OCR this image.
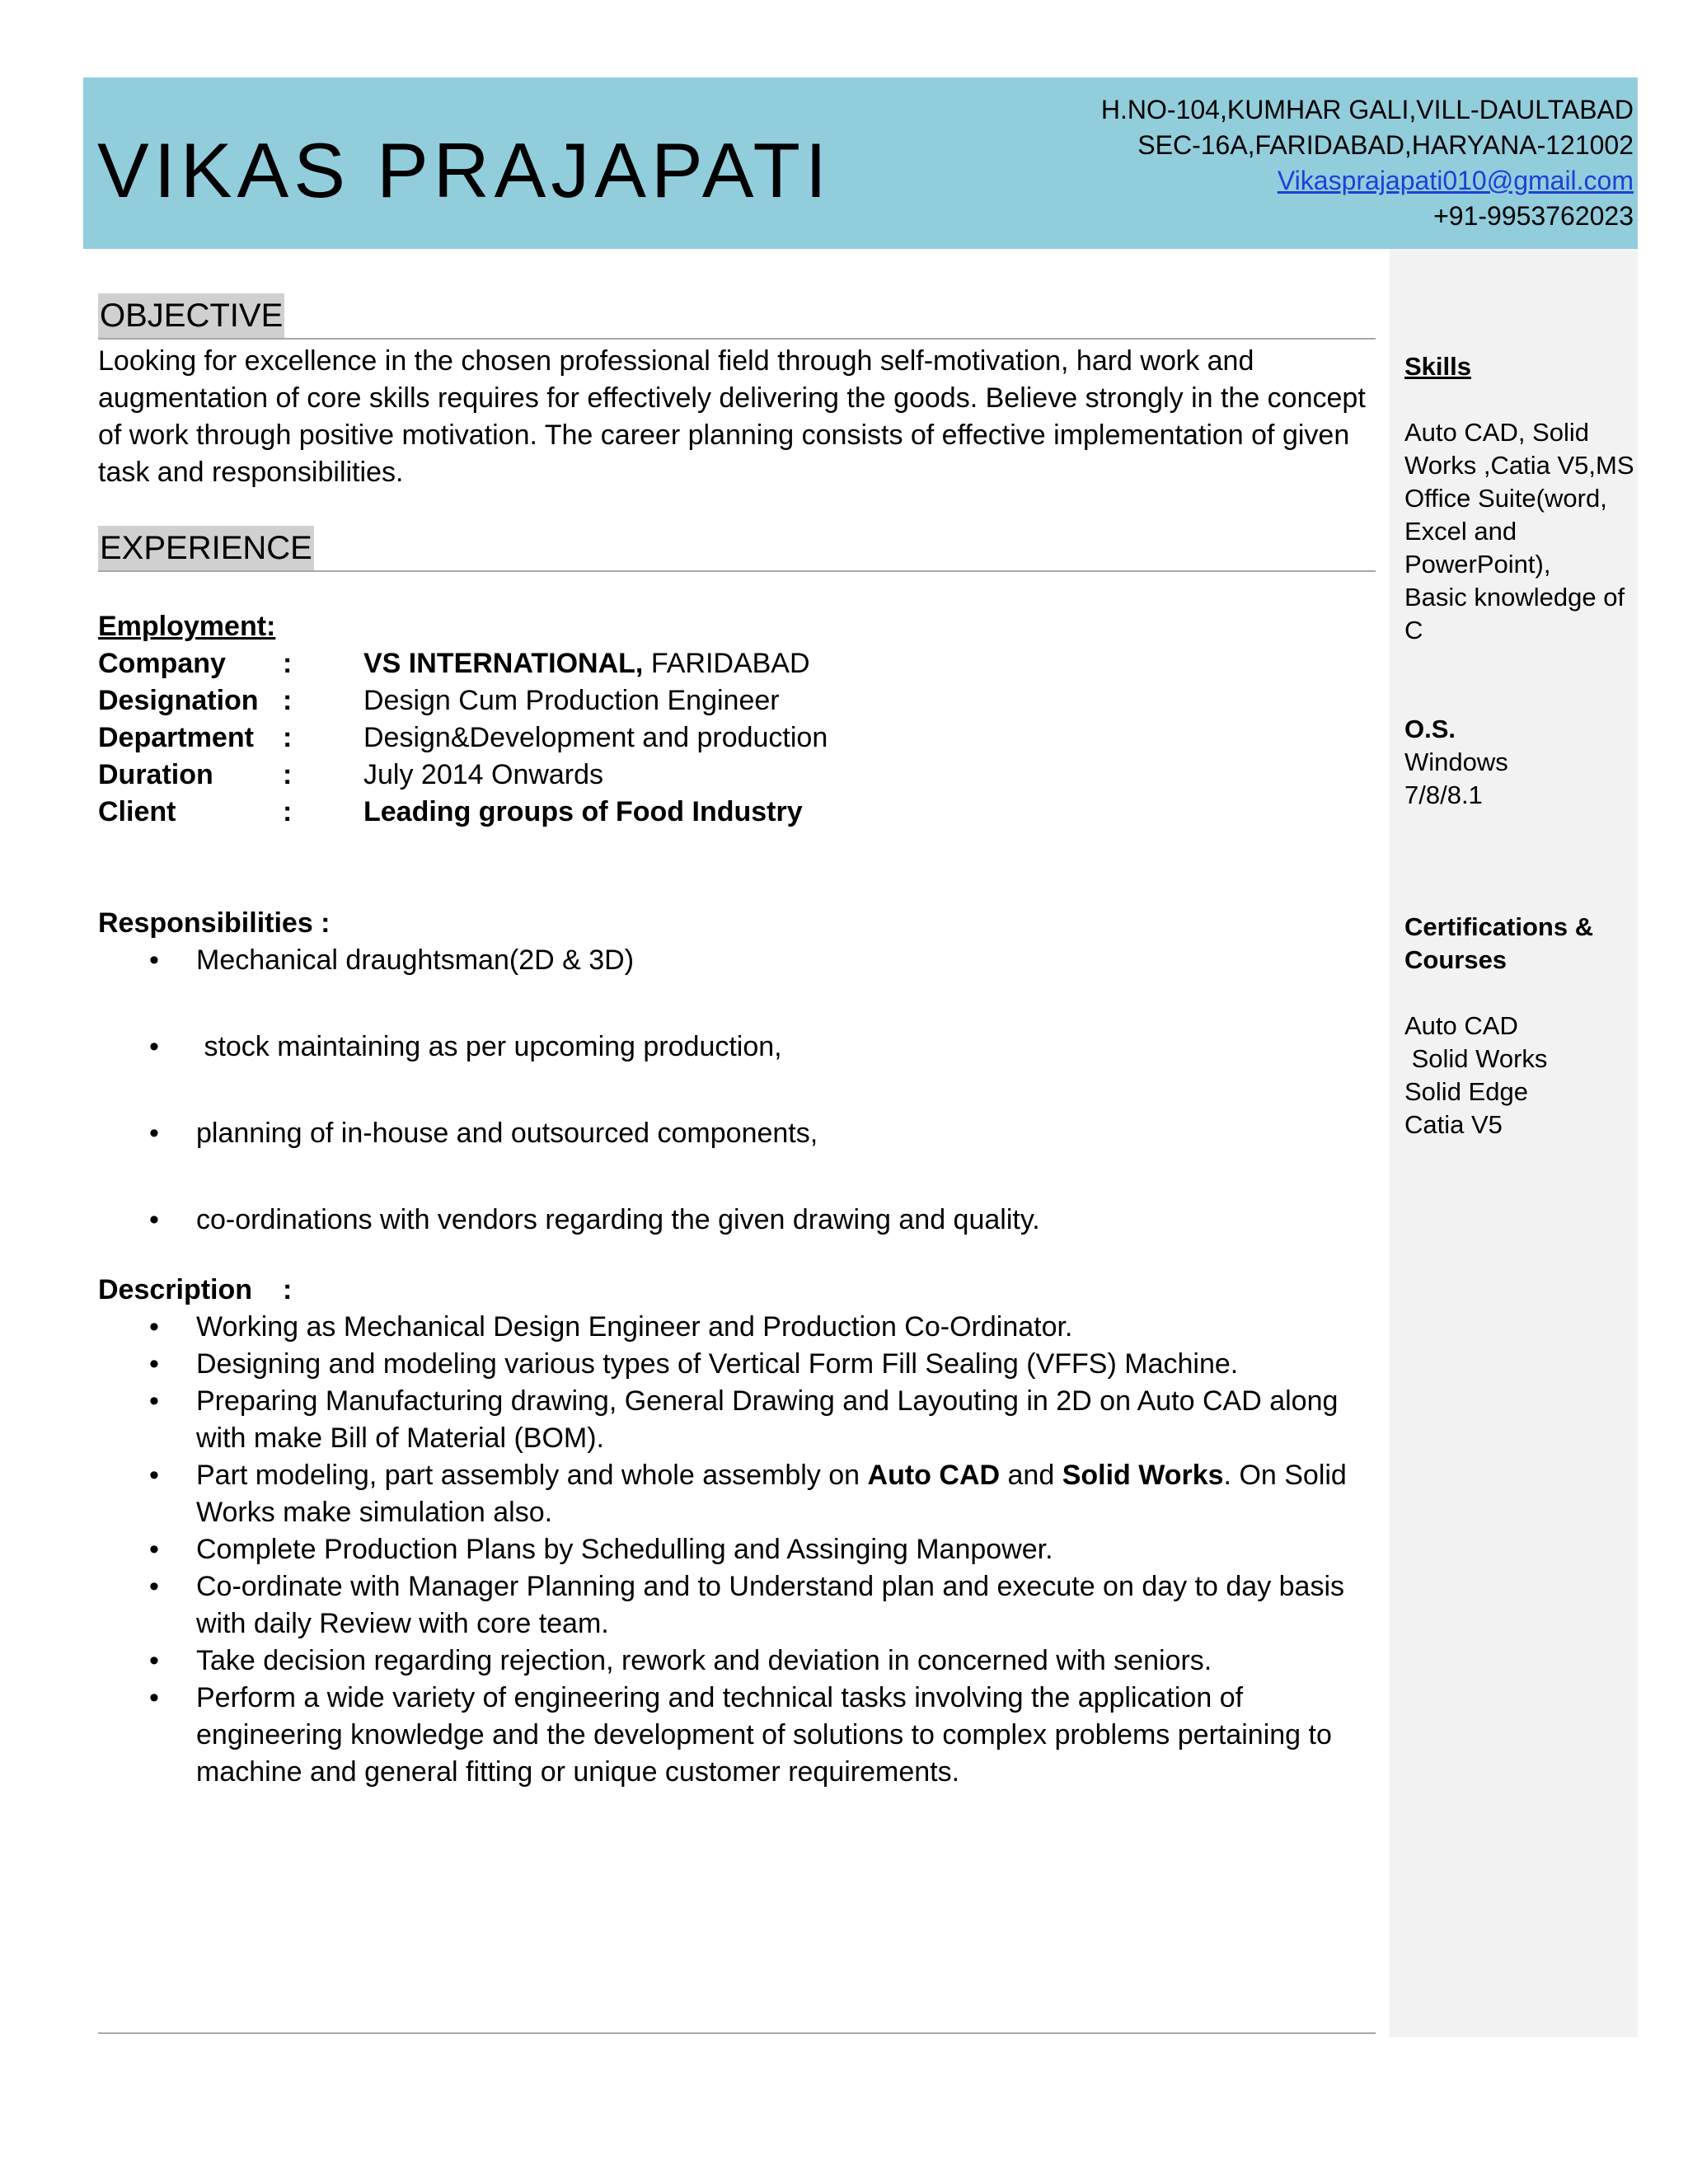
VIKAS PRAJAPATI
H.NO-104,KUMHAR GALI,VILL-DAULTABAD
SEC-16A,FARIDABAD,HARYANA-121002
Vikasprajapati010@gmail.com
+91-9953762023
Skills
Auto CAD, Solid
Works ,Catia V5,MS
Office Suite(word,
Excel and
PowerPoint),
Basic knowledge of
C
O.S.
Windows
7/8/8.1
Certifications &
Courses
Auto CAD
Solid Works
Solid Edge
Catia V5
OBJECTIVE

Looking for excellence in the chosen professional field through self-motivation, hard work and augmentation of core skills requires for effectively delivering the goods. Believe strongly in the concept of work through positive motivation. The career planning consists of effective implementation of given task and responsibilities.

EXPERIENCE
Employment:
Company	:	VS INTERNATIONAL, FARIDABAD
Designation :	Design Cum Production Engineer
Department	:	Design&Development and production
Duration	:	July 2014 Onwards
Client	:	Leading groups of Food Industry
Responsibilities :
• Mechanical draughtsman(2D & 3D)
•  stock maintaining as per upcoming production,
• planning of in-house and outsourced components,
• co-ordinations with vendors regarding the given drawing and quality.
Description	:
• Working as Mechanical Design Engineer and Production Co-Ordinator.
• Designing and modeling various types of Vertical Form Fill Sealing (VFFS) Machine.
• Preparing Manufacturing drawing, General Drawing and Layouting in 2D on Auto CAD along with make Bill of Material (BOM).
• Part modeling, part assembly and whole assembly on Auto CAD and Solid Works. On Solid Works make simulation also.
• Complete Production Plans by Schedulling and Assinging Manpower.
• Co-ordinate with Manager Planning and to Understand plan and execute on day to day basis with daily Review with core team.
• Take decision regarding rejection, rework and deviation in concerned with seniors.
• Perform a wide variety of engineering and technical tasks involving the application of engineering knowledge and the development of solutions to complex problems pertaining to machine and general fitting or unique customer requirements.
